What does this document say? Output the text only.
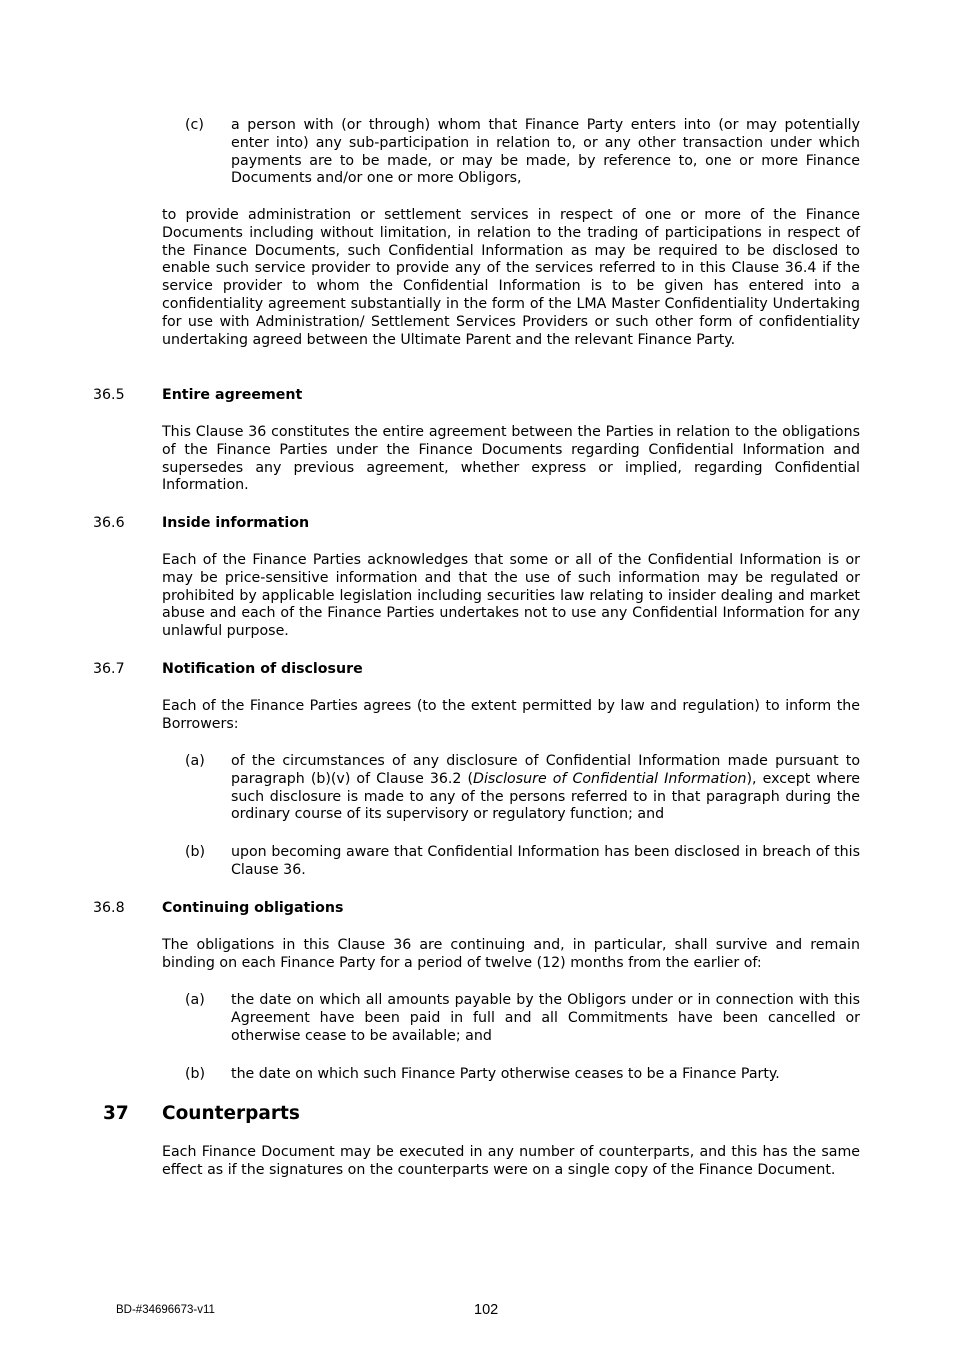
(c) a person with (or through) whom that Finance Party enters into (or may potentially enter into) any sub-participation in relation to, or any other transaction under which payments are to be made, or may be made, by reference to, one or more Finance Documents and/or one or more Obligors,

to provide administration or settlement services in respect of one or more of the Finance Documents including without limitation, in relation to the trading of participations in respect of the Finance Documents, such Confidential Information as may be required to be disclosed to enable such service provider to provide any of the services referred to in this Clause 36.4 if the service provider to whom the Confidential Information is to be given has entered into a confidentiality agreement substantially in the form of the LMA Master Confidentiality Undertaking for use with Administration/ Settlement Services Providers or such other form of confidentiality undertaking agreed between the Ultimate Parent and the relevant Finance Party.

36.5	Entire agreement

This Clause 36 constitutes the entire agreement between the Parties in relation to the obligations of the Finance Parties under the Finance Documents regarding Confidential Information and supersedes any previous agreement, whether express or implied, regarding Confidential Information.

36.6	Inside information

Each of the Finance Parties acknowledges that some or all of the Confidential Information is or may be price-sensitive information and that the use of such information may be regulated or prohibited by applicable legislation including securities law relating to insider dealing and market abuse and each of the Finance Parties undertakes not to use any Confidential Information for any unlawful purpose.

36.7	Notification of disclosure

Each of the Finance Parties agrees (to the extent permitted by law and regulation) to inform the Borrowers:

(a) of the circumstances of any disclosure of Confidential Information made pursuant to paragraph (b)(v) of Clause 36.2 (Disclosure of Confidential Information), except where such disclosure is made to any of the persons referred to in that paragraph during the ordinary course of its supervisory or regulatory function; and

(b) upon becoming aware that Confidential Information has been disclosed in breach of this Clause 36.

36.8	Continuing obligations

The obligations in this Clause 36 are continuing and, in particular, shall survive and remain binding on each Finance Party for a period of twelve (12) months from the earlier of:

(a) the date on which all amounts payable by the Obligors under or in connection with this Agreement have been paid in full and all Commitments have been cancelled or otherwise cease to be available; and

(b) the date on which such Finance Party otherwise ceases to be a Finance Party.

37 Counterparts

Each Finance Document may be executed in any number of counterparts, and this has the same effect as if the signatures on the counterparts were on a single copy of the Finance Document.

BD-#34696673-v11	102
